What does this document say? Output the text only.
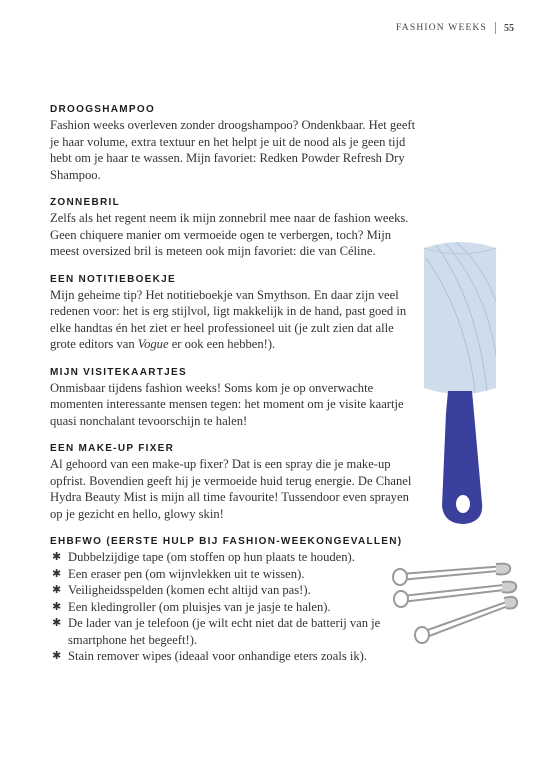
FASHION WEEKS 55

DROOGSHAMPOO

Fashion weeks overleven zonder droogshampoo? Ondenkbaar. Het geeft je haar volume, extra textuur en het helpt je uit de nood als je geen tijd hebt om je haar te wassen. Mijn favoriet: Redken Powder Refresh Dry Shampoo.

ZONNEBRIL

Zelfs als het regent neem ik mijn zonnebril mee naar de fashion weeks. Geen chiquere manier om vermoeide ogen te verbergen, toch? Mijn meest oversized bril is meteen ook mijn favoriet: die van Céline.

EEN NOTITIEBOEKJE

Mijn geheime tip? Het notitieboekje van Smythson. En daar zijn veel redenen voor: het is erg stijlvol, ligt makkelijk in de hand, past goed in elke handtas én het ziet er heel professioneel uit (je zult zien dat alle grote editors van Vogue er ook een hebben!).

MIJN VISITEKAARTJES

Onmisbaar tijdens fashion weeks! Soms kom je op onverwachte momenten interessante mensen tegen: het moment om je visite kaartje quasi nonchalant tevoorschijn te halen!

EEN MAKE-UP FIXER

Al gehoord van een make-up fixer? Dat is een spray die je make-up opfrist. Bovendien geeft hij je vermoeide huid terug energie. De Chanel Hydra Beauty Mist is mijn all time favourite! Tussendoor even sprayen op je gezicht en hello, glowy skin!

EHBFWO (EERSTE HULP BIJ FASHION-WEEKONGEVALLEN)

✱ Dubbelzijdige tape (om stoffen op hun plaats te houden).
✱ Een eraser pen (om wijnvlekken uit te wissen).
✱ Veiligheidsspelden (komen echt altijd van pas!).
✱ Een kledingroller (om pluisjes van je jasje te halen).
✱ De lader van je telefoon (je wilt echt niet dat de batterij van je smartphone het begeeft!).
✱ Stain remover wipes (ideaal voor onhandige eters zoals ik).
